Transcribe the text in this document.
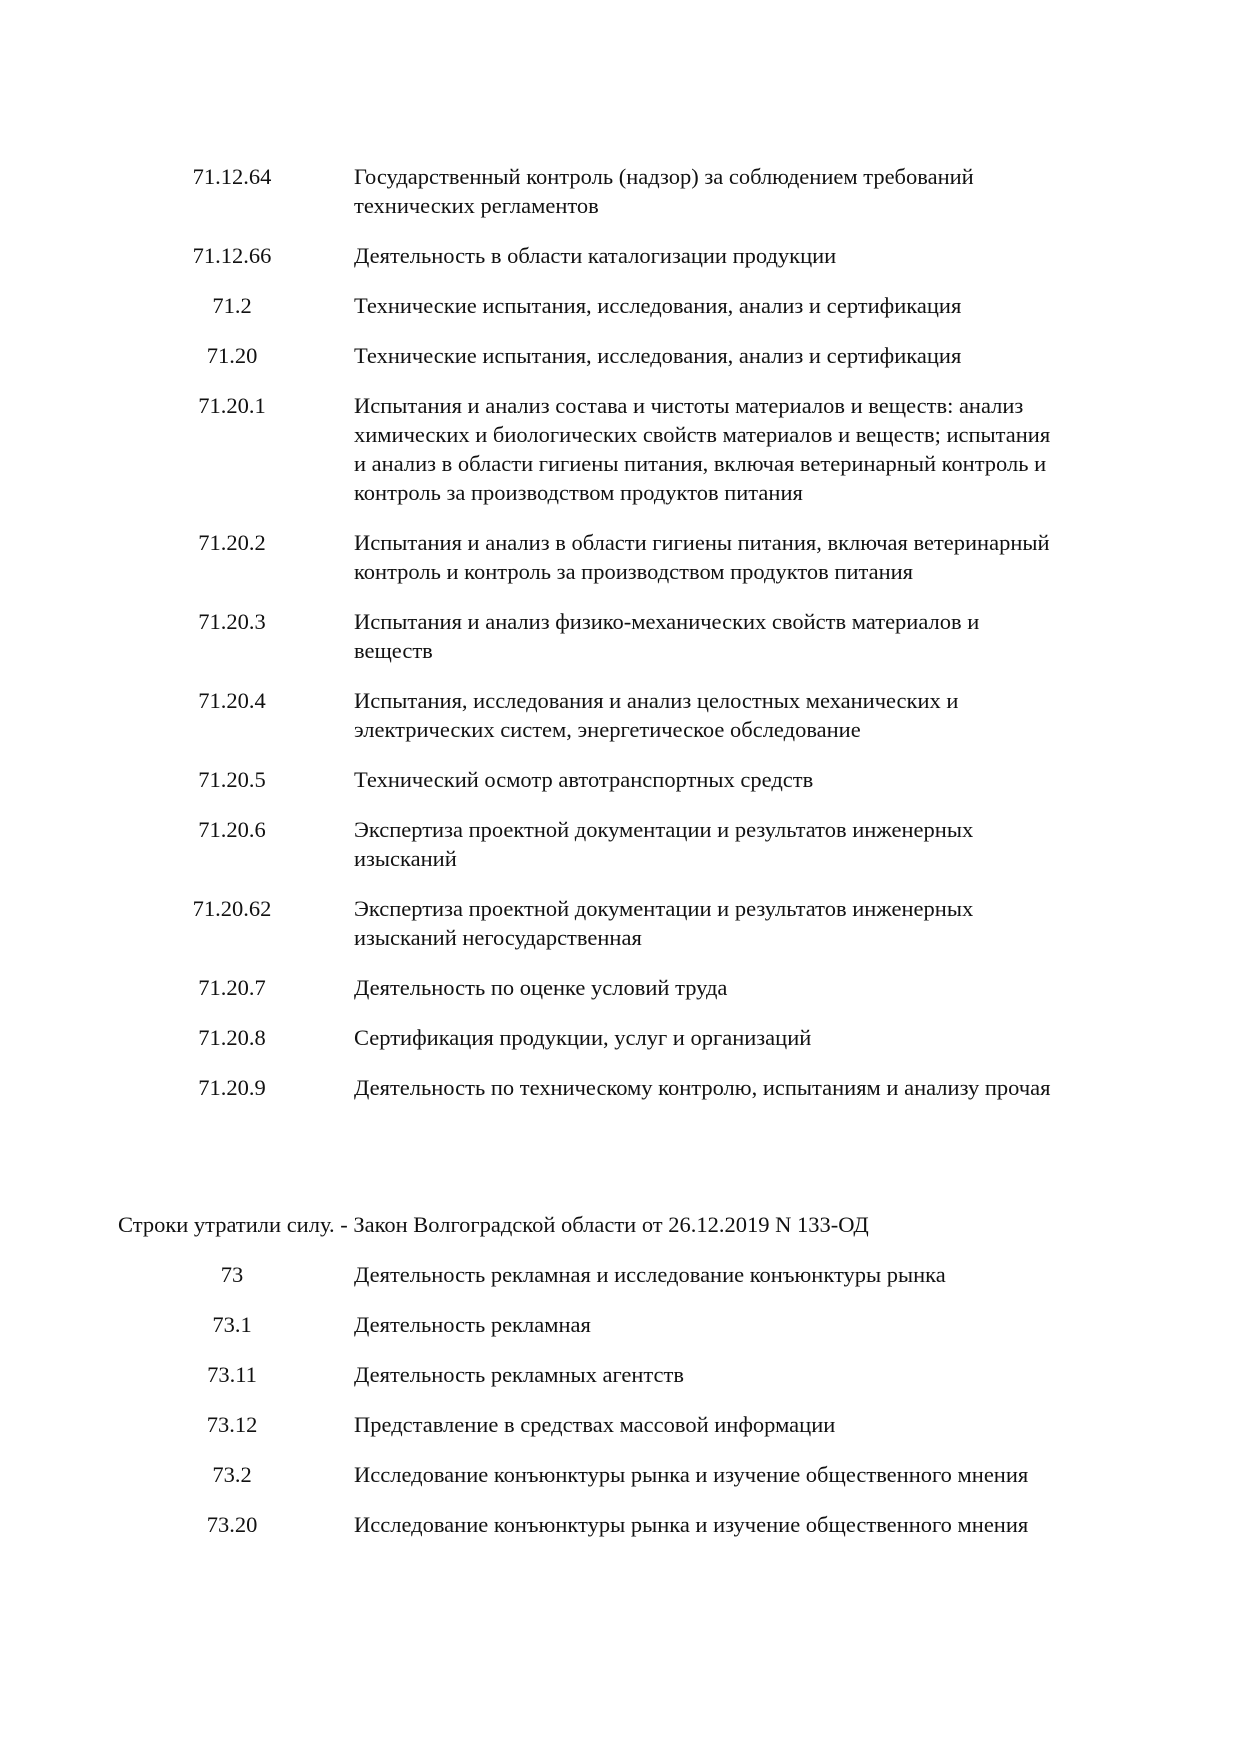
71.12.64	Государственный контроль (надзор) за соблюдением требований технических регламентов
71.12.66	Деятельность в области каталогизации продукции
71.2	Технические испытания, исследования, анализ и сертификация
71.20	Технические испытания, исследования, анализ и сертификация
71.20.1	Испытания и анализ состава и чистоты материалов и веществ: анализ химических и биологических свойств материалов и веществ; испытания и анализ в области гигиены питания, включая ветеринарный контроль и контроль за производством продуктов питания
71.20.2	Испытания и анализ в области гигиены питания, включая ветеринарный контроль и контроль за производством продуктов питания
71.20.3	Испытания и анализ физико-механических свойств материалов и веществ
71.20.4	Испытания, исследования и анализ целостных механических и электрических систем, энергетическое обследование
71.20.5	Технический осмотр автотранспортных средств
71.20.6	Экспертиза проектной документации и результатов инженерных изысканий
71.20.62	Экспертиза проектной документации и результатов инженерных изысканий негосударственная
71.20.7	Деятельность по оценке условий труда
71.20.8	Сертификация продукции, услуг и организаций
71.20.9	Деятельность по техническому контролю, испытаниям и анализу прочая
Строки утратили силу. - Закон Волгоградской области от 26.12.2019 N 133-ОД
73	Деятельность рекламная и исследование конъюнктуры рынка
73.1	Деятельность рекламная
73.11	Деятельность рекламных агентств
73.12	Представление в средствах массовой информации
73.2	Исследование конъюнктуры рынка и изучение общественного мнения
73.20	Исследование конъюнктуры рынка и изучение общественного мнения
